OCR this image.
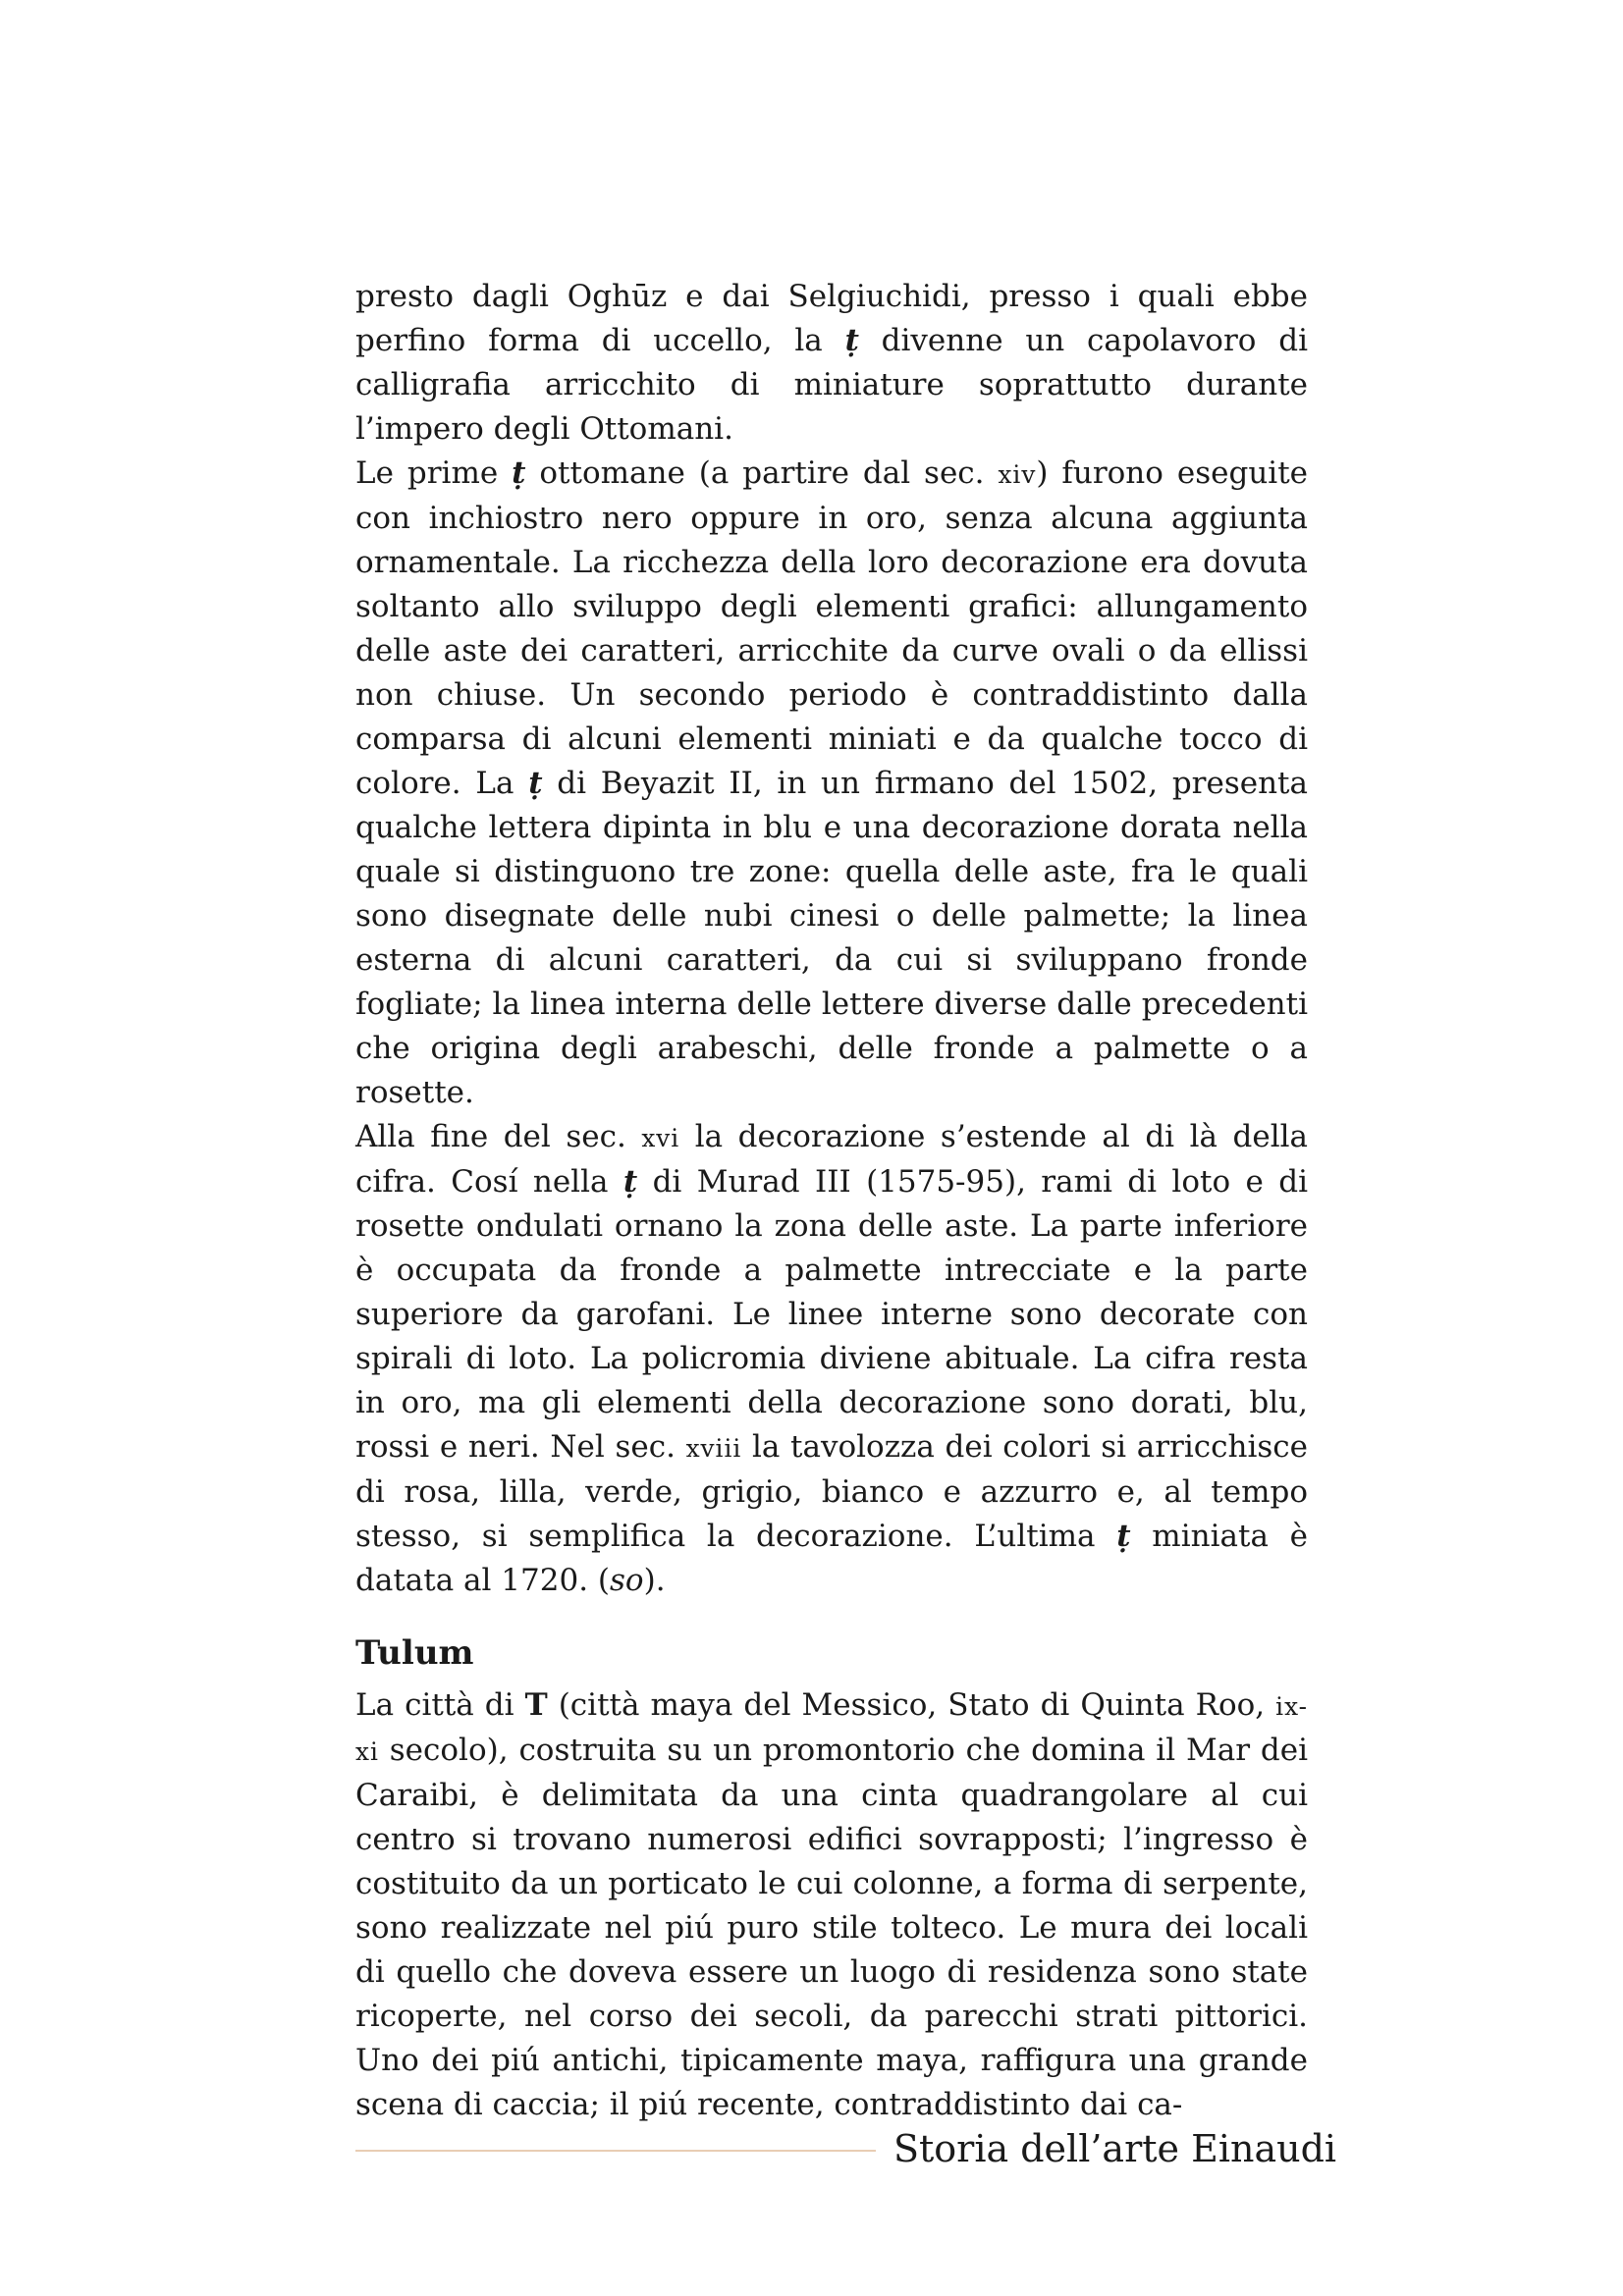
presto dagli Oghūz e dai Selgiuchidi, presso i quali ebbe perfino forma di uccello, la ṭ divenne un capolavoro di calligrafia arricchito di miniature soprattutto durante l’impero degli Ottomani.

Le prime ṭ ottomane (a partire dal sec. xiv) furono eseguite con inchiostro nero oppure in oro, senza alcuna aggiunta ornamentale. La ricchezza della loro decorazione era dovuta soltanto allo sviluppo degli elementi grafici: allungamento delle aste dei caratteri, arricchite da curve ovali o da ellissi non chiuse. Un secondo periodo è contraddistinto dalla comparsa di alcuni elementi miniati e da qualche tocco di colore. La ṭ di Beyazit II, in un firmano del 1502, presenta qualche lettera dipinta in blu e una decorazione dorata nella quale si distinguono tre zone: quella delle aste, fra le quali sono disegnate delle nubi cinesi o delle palmette; la linea esterna di alcuni caratteri, da cui si sviluppano fronde fogliate; la linea interna delle lettere diverse dalle precedenti che origina degli arabeschi, delle fronde a palmette o a rosette.

Alla fine del sec. xvi la decorazione s’estende al di là della cifra. Cosí nella ṭ di Murad III (1575-95), rami di loto e di rosette ondulati ornano la zona delle aste. La parte inferiore è occupata da fronde a palmette intrecciate e la parte superiore da garofani. Le linee interne sono decorate con spirali di loto. La policromia diviene abituale. La cifra resta in oro, ma gli elementi della decorazione sono dorati, blu, rossi e neri. Nel sec. xviii la tavolozza dei colori si arricchisce di rosa, lilla, verde, grigio, bianco e azzurro e, al tempo stesso, si semplifica la decorazione. L’ultima ṭ miniata è datata al 1720. (so).

Tulum

La città di T (città maya del Messico, Stato di Quinta Roo, ix-xi secolo), costruita su un promontorio che domina il Mar dei Caraibi, è delimitata da una cinta quadrangolare al cui centro si trovano numerosi edifici sovrapposti; l’ingresso è costituito da un porticato le cui colonne, a forma di serpente, sono realizzate nel piú puro stile tolteco. Le mura dei locali di quello che doveva essere un luogo di residenza sono state ricoperte, nel corso dei secoli, da parecchi strati pittorici. Uno dei piú antichi, tipicamente maya, raffigura una grande scena di caccia; il piú recente, contraddistinto dai ca-

Storia dell’arte Einaudi
